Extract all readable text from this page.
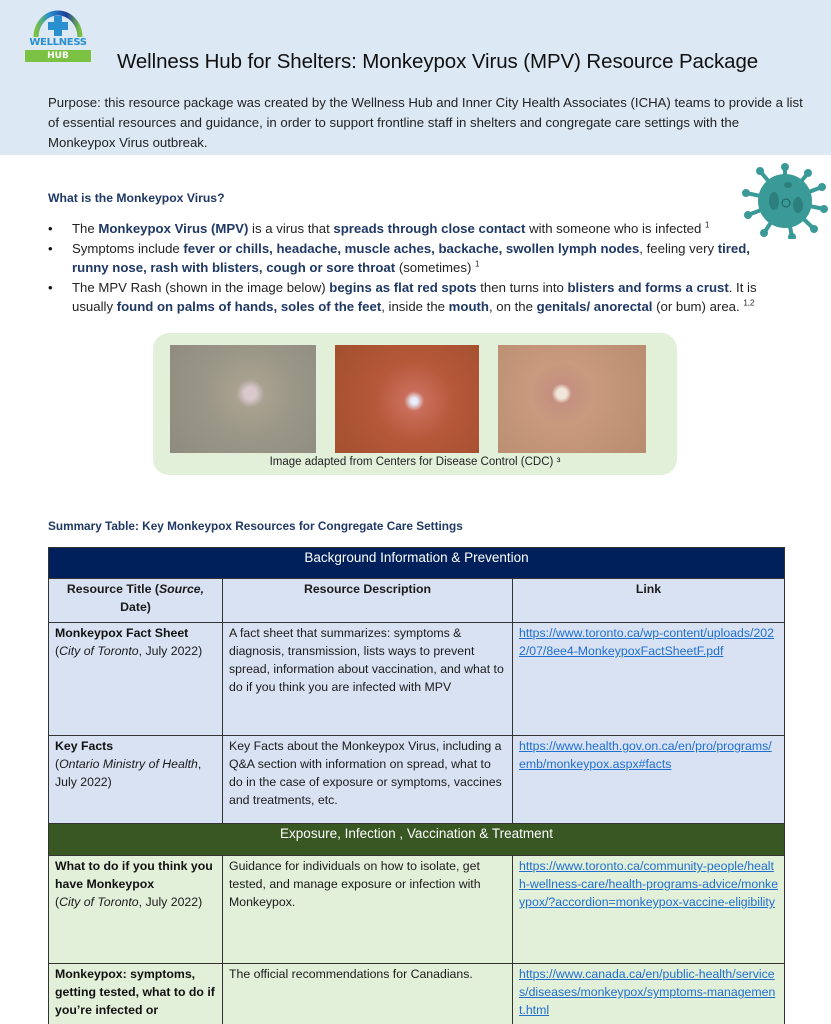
WELLNESS
HUB	Wellness Hub for Shelters: Monkeypox Virus (MPV) Resource Package
Purpose: this resource package was created by the Wellness Hub and Inner City Health Associates (ICHA) teams to provide a list of essential resources and guidance, in order to support frontline staff in shelters and congregate care settings with the Monkeypox Virus outbreak.
What is the Monkeypox Virus?
• The Monkeypox Virus (MPV) is a virus that spreads through close contact with someone who is infected $^1$
• Symptoms include fever or chills, headache, muscle aches, backache, swollen lymph nodes, feeling very tired, runny nose, rash with blisters, cough or sore throat (sometimes) $^1$
• The MPV Rash (shown in the image below) begins as flat red spots then turns into blisters and forms a crust. It is usually found on palms of hands, soles of the feet, inside the mouth, on the genitals/ anorectal (or bum) area. $^{1,2}$
Image adapted from Centers for Disease Control (CDC) ³
Summary Table: Key Monkeypox Resources for Congregate Care Settings
Background Information & Prevention		
Resource Title (Source, Date)	Resource Description	Link

Monkeypox Fact Sheet
(City of Toronto, July 2022)	A fact sheet that summarizes: symptoms & diagnosis, transmission, lists ways to prevent spread, information about vaccination, and what to do if you think you are infected with MPV	https://www.toronto.ca/wp-content/uploads/2022/07/8ee4-MonkeypoxFactSheetF.pdf

Key Facts
(Ontario Ministry of Health, July 2022)	Key Facts about the Monkeypox Virus, including a Q&A section with information on spread, what to do in the case of exposure or symptoms, vaccines and treatments, etc.	https://www.health.gov.on.ca/en/pro/programs/emb/monkeypox.aspx#facts
Exposure, Infection , Vaccination & Treatment		

What to do if you think you have Monkeypox
(City of Toronto, July 2022)	Guidance for individuals on how to isolate, get tested, and manage exposure or infection with Monkeypox.	https://www.toronto.ca/community-people/health-wellness-care/health-programs-advice/monkeypox/?accordion=monkeypox-vaccine-eligibility

Monkeypox: symptoms, getting tested, what to do if you’re infected or	The official recommendations for Canadians.	https://www.canada.ca/en/public-health/services/diseases/monkeypox/symptoms-management.html
